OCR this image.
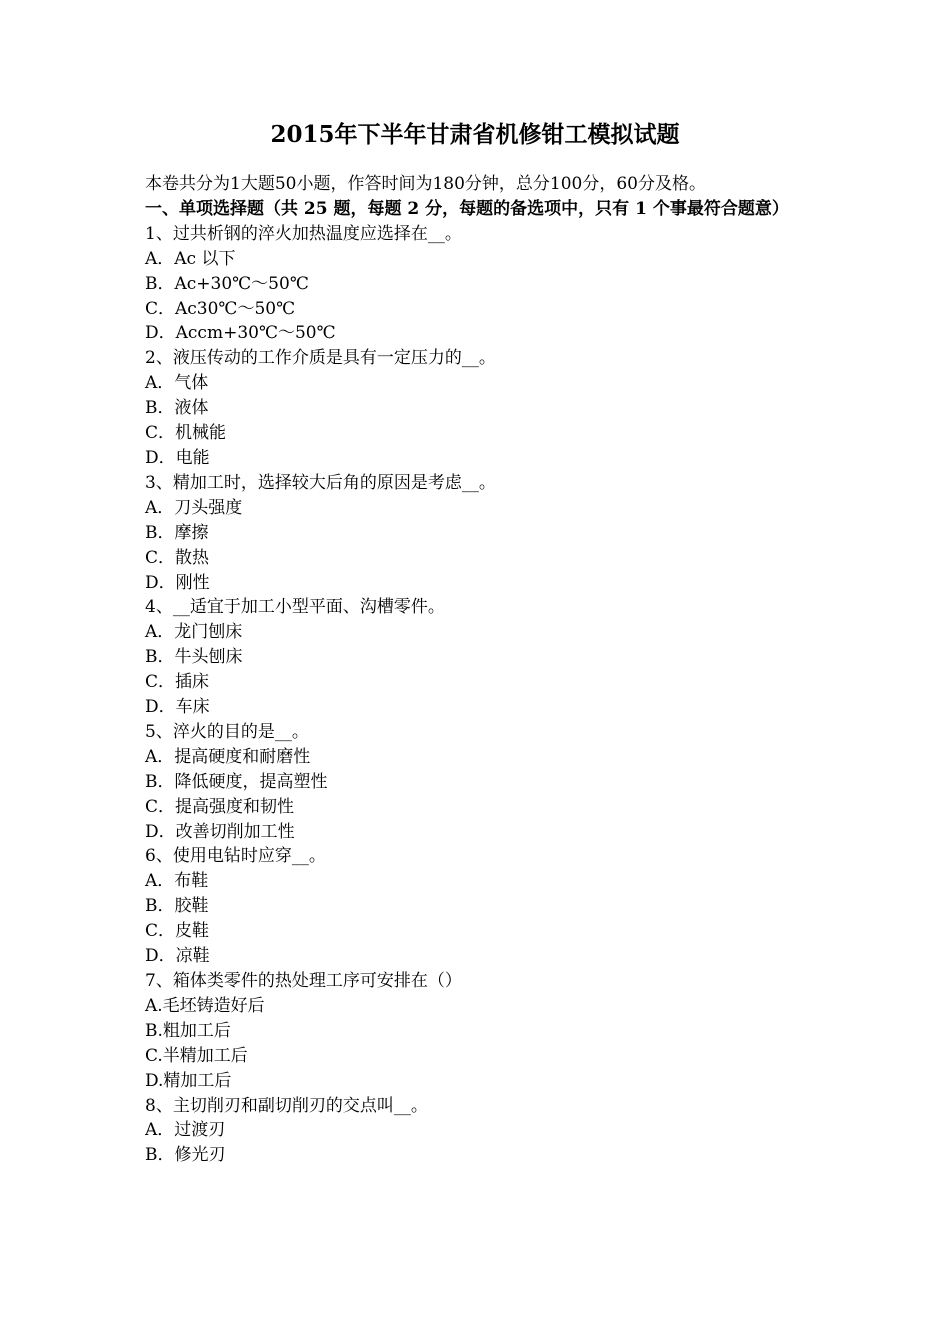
2015年下半年甘肃省机修钳工模拟试题
本卷共分为1大题50小题，作答时间为180分钟，总分100分，60分及格。
一、单项选择题（共 25 题，每题 2 分，每题的备选项中，只有 1 个事最符合题意）
1、过共析钢的淬火加热温度应选择在__。
A．Ac 以下
B．Ac+30℃～50℃
C．Ac30℃～50℃
D．Accm+30℃～50℃
2、液压传动的工作介质是具有一定压力的__。
A．气体
B．液体
C．机械能
D．电能
3、精加工时，选择较大后角的原因是考虑__。
A．刀头强度
B．摩擦
C．散热
D．刚性
4、__适宜于加工小型平面、沟槽零件。
A．龙门刨床
B．牛头刨床
C．插床
D．车床
5、淬火的目的是__。
A．提高硬度和耐磨性
B．降低硬度，提高塑性
C．提高强度和韧性
D．改善切削加工性
6、使用电钻时应穿__。
A．布鞋
B．胶鞋
C．皮鞋
D．凉鞋
7、箱体类零件的热处理工序可安排在（）
A.毛坯铸造好后
B.粗加工后
C.半精加工后
D.精加工后
8、主切削刃和副切削刃的交点叫__。
A．过渡刃
B．修光刃
